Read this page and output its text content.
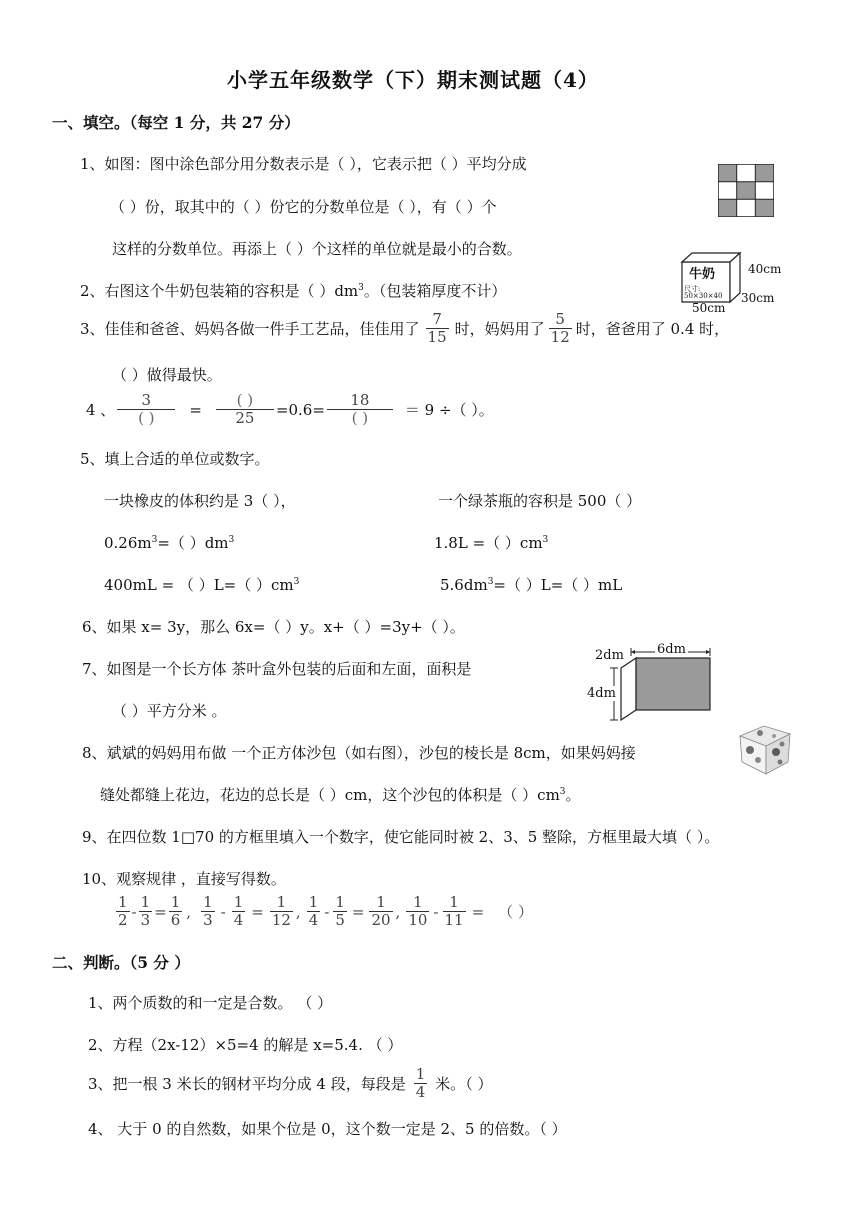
小学五年级数学（下）期末测试题（4）
一、填空。（每空 1 分，共 27 分）
1、如图：图中涂色部分用分数表示是（ ），它表示把（ ）平均分成
（ ）份，取其中的（ ）份它的分数单位是（ ），有（ ）个
这样的分数单位。再添上（ ）个这样的单位就是最小的合数。
2、右图这个牛奶包装箱的容积是（ ）$dm^3$。（包装箱厚度不计）
牛奶
尺寸:
50×30×40
40cm
30cm
50cm
3、佳佳和爸爸、妈妈各做一件手工艺品，佳佳用了 $\frac{7}{15}$ 时，妈妈用了 $\frac{5}{12}$ 时，爸爸用了 0.4 时，
（ ）做得最快。
4 、 $\frac{3}{( )} = \frac{( )}{25} =0.6= \frac{18}{( )} = 9$ ÷（ ）。
5、填上合适的单位或数字。
一块橡皮的体积约是 3（ ），	一个绿茶瓶的容积是 500（ ）
$0.26m^3=$（ ）$dm^3$	1.8L =（ ）$cm^3$
400mL = （ ）L=（ ）$cm^3$	$5.6dm^3=$（ ）L=（ ）mL
6、如果 x= 3y，那么 6x=（ ）y。x+（ ）=3y+（ ）。
7、如图是一个长方体 茶叶盒外包装的后面和左面，面积是
（ ）平方分米 。
6dm
2dm
4dm
8、斌斌的妈妈用布做 一个正方体沙包（如右图），沙包的棱长是 8cm，如果妈妈接
缝处都缝上花边，花边的总长是（ ）cm，这个沙包的体积是（ ）$cm^3$。
9、在四位数 1□70 的方框里填入一个数字，使它能同时被 2、3、5 整除，方框里最大填（ ）。
10、观察规律 ，直接写得数。
$\frac{1}{2} - \frac{1}{3} = \frac{1}{6}$ , $\frac{1}{3} - \frac{1}{4} = \frac{1}{12}$ , $\frac{1}{4} - \frac{1}{5} = \frac{1}{20}$ , $\frac{1}{10} - \frac{1}{11}$ = （ ）
二、判断。（5 分 ）
1、两个质数的和一定是合数。 （ ）
2、方程（2x-12）×5=4 的解是 x=5.4. （ ）
3、把一根 3 米长的钢材平均分成 4 段，每段是 $\frac{1}{4}$ 米。（ ）
4、 大于 0 的自然数，如果个位是 0，这个数一定是 2、5 的倍数。（ ）
